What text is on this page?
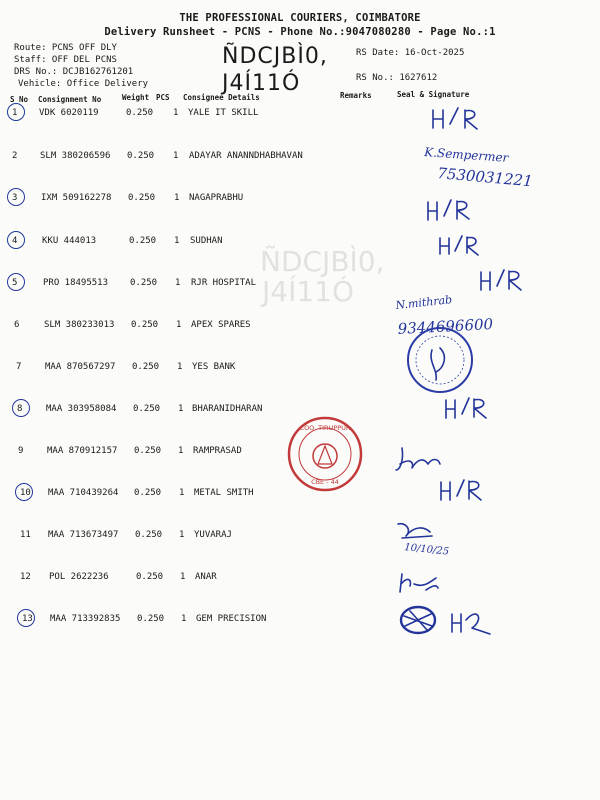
THE PROFESSIONAL COURIERS, COIMBATORE
Delivery Runsheet - PCNS - Phone No.:9047080280 - Page No.:1
Route: PCNS OFF DLY
Staff: OFF DEL PCNS
DRS No.: DCJB162761201
Vehicle: Office Delivery
ÑDCJBÌ0,
J4Í11Ó
RS Date: 16-Oct-2025
RS No.: 1627612
S No Consignment No	Weight PCS Consignee Details	Remarks	Seal & Signature
ÑDCJBÌ0,
J4Í11Ó
1 VDK 6020119	0.250 1 YALE IT SKILL
2	SLM 380206596 0.250 1 ADAYAR ANANNDHABHAVAN
3	IXM 509162278 0.250 1 NAGAPRABHU
4	KKU 444013	0.250 1 SUDHAN
5	PRO 18495513 0.250 1 RJR HOSPITAL
6	SLM 380233013 0.250 1 APEX SPARES
7	MAA 870567297 0.250 1 YES BANK
8	MAA 303958084 0.250 1 BHARANIDHARAN
9	MAA 870912157 0.250 1 RAMPRASAD
10 MAA 710439264 0.250 1 METAL SMITH
11 MAA 713673497 0.250 1 YUVARAJ
12 POL 2622236	0.250 1 ANAR
13 MAA 713392835 0.250 1 GEM PRECISION
K.Sempermer
7530031221
N.mithrab
9344696600
10/10/25
COO. TIRUPPUR
CBE - 44
